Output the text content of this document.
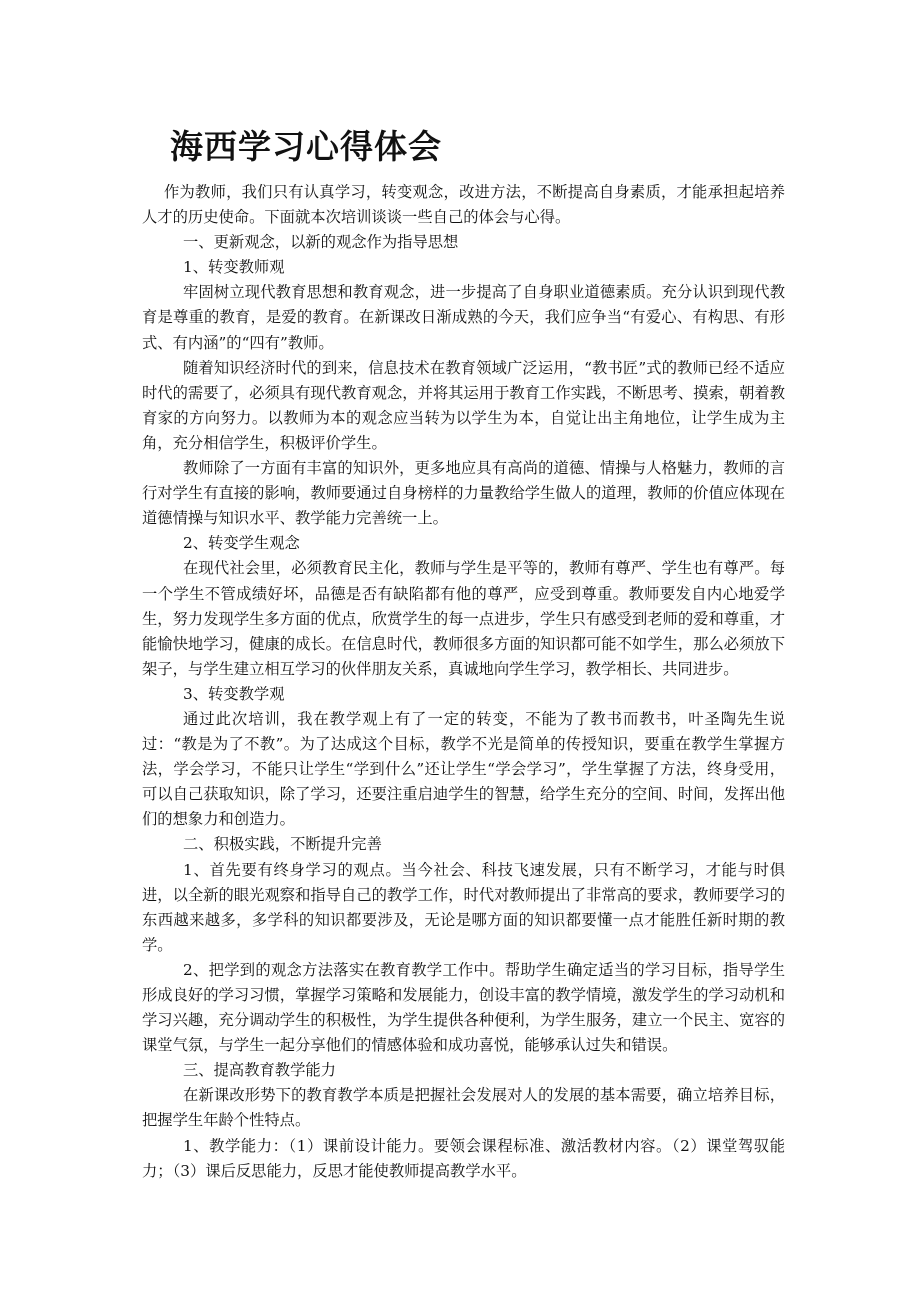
海西学习心得体会

作为教师，我们只有认真学习，转变观念，改进方法，不断提高自身素质，才能承担起培养人才的历史使命。下面就本次培训谈谈一些自己的体会与心得。

一、更新观念，以新的观念作为指导思想

1、转变教师观

牢固树立现代教育思想和教育观念，进一步提高了自身职业道德素质。充分认识到现代教育是尊重的教育，是爱的教育。在新课改日渐成熟的今天，我们应争当“有爱心、有构思、有形式、有内涵”的“四有”教师。

随着知识经济时代的到来，信息技术在教育领域广泛运用，“教书匠”式的教师已经不适应时代的需要了，必须具有现代教育观念，并将其运用于教育工作实践，不断思考、摸索，朝着教育家的方向努力。以教师为本的观念应当转为以学生为本，自觉让出主角地位，让学生成为主角，充分相信学生，积极评价学生。

教师除了一方面有丰富的知识外，更多地应具有高尚的道德、情操与人格魅力，教师的言行对学生有直接的影响，教师要通过自身榜样的力量教给学生做人的道理，教师的价值应体现在道德情操与知识水平、教学能力完善统一上。

2、转变学生观念

在现代社会里，必须教育民主化，教师与学生是平等的，教师有尊严、学生也有尊严。每一个学生不管成绩好坏，品德是否有缺陷都有他的尊严，应受到尊重。教师要发自内心地爱学生，努力发现学生多方面的优点，欣赏学生的每一点进步，学生只有感受到老师的爱和尊重，才能愉快地学习，健康的成长。在信息时代，教师很多方面的知识都可能不如学生，那么必须放下架子，与学生建立相互学习的伙伴朋友关系，真诚地向学生学习，教学相长、共同进步。

3、转变教学观

通过此次培训，我在教学观上有了一定的转变，不能为了教书而教书，叶圣陶先生说过：“教是为了不教”。为了达成这个目标，教学不光是简单的传授知识，要重在教学生掌握方法，学会学习，不能只让学生“学到什么”还让学生“学会学习”，学生掌握了方法，终身受用，可以自己获取知识，除了学习，还要注重启迪学生的智慧，给学生充分的空间、时间，发挥出他们的想象力和创造力。

二、积极实践，不断提升完善

1、首先要有终身学习的观点。当今社会、科技飞速发展，只有不断学习，才能与时俱进，以全新的眼光观察和指导自己的教学工作，时代对教师提出了非常高的要求，教师要学习的东西越来越多，多学科的知识都要涉及，无论是哪方面的知识都要懂一点才能胜任新时期的教学。

2、把学到的观念方法落实在教育教学工作中。帮助学生确定适当的学习目标，指导学生形成良好的学习习惯，掌握学习策略和发展能力，创设丰富的教学情境，激发学生的学习动机和学习兴趣，充分调动学生的积极性，为学生提供各种便利，为学生服务，建立一个民主、宽容的课堂气氛，与学生一起分享他们的情感体验和成功喜悦，能够承认过失和错误。

三、提高教育教学能力

在新课改形势下的教育教学本质是把握社会发展对人的发展的基本需要，确立培养目标，把握学生年龄个性特点。

1、教学能力：（1）课前设计能力。要领会课程标准、激活教材内容。（2）课堂驾驭能力；（3）课后反思能力，反思才能使教师提高教学水平。
